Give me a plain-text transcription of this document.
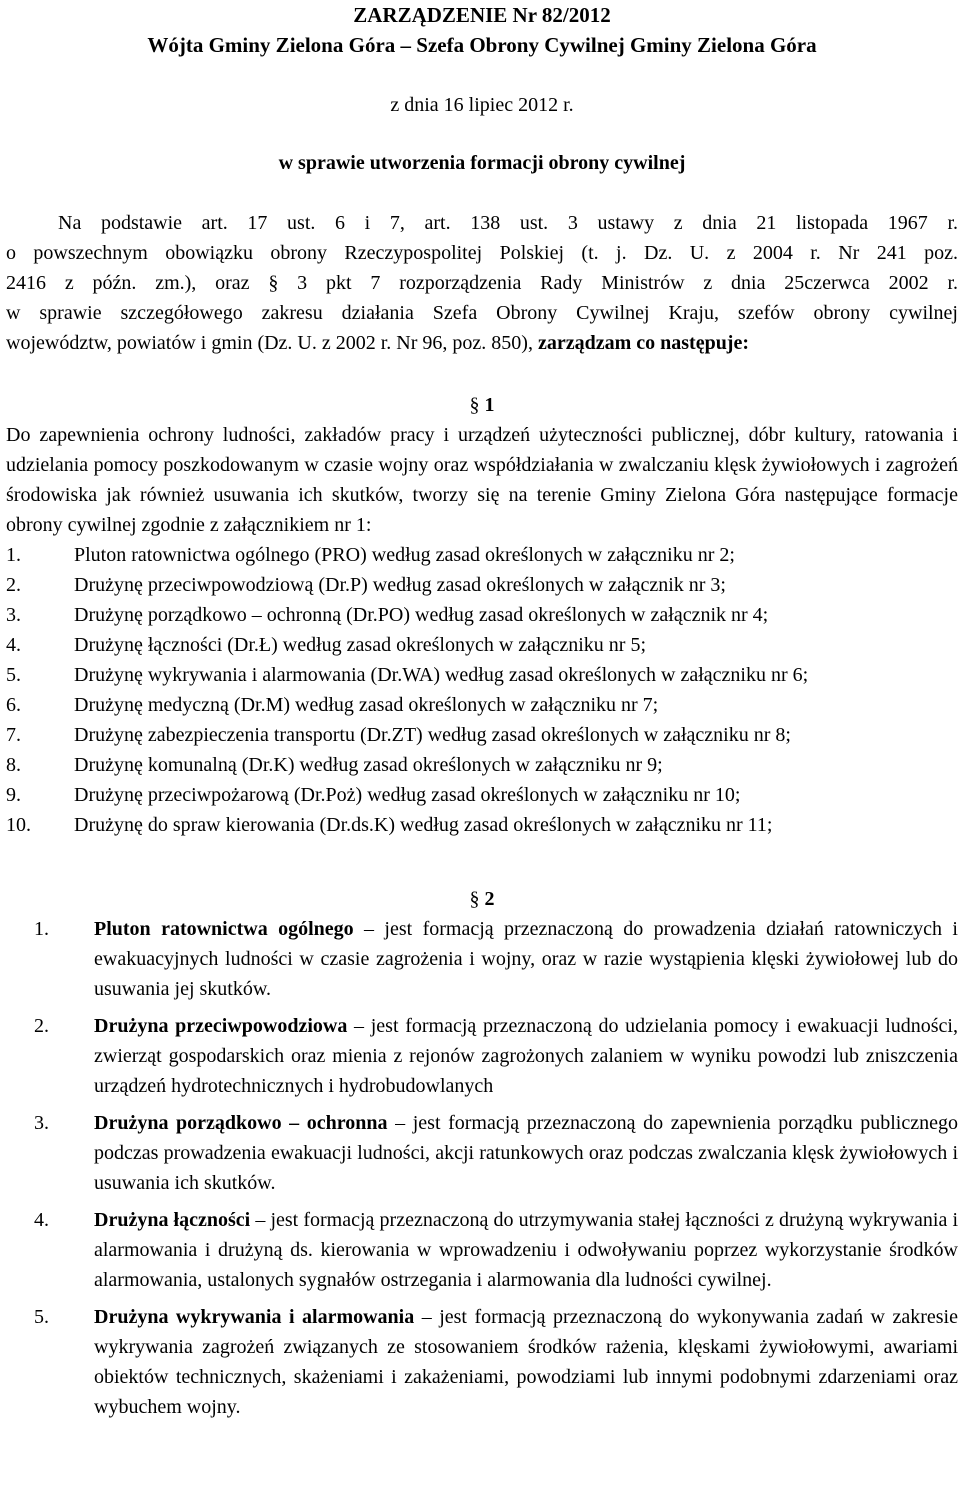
ZARZĄDZENIE Nr 82/2012
Wójta Gminy Zielona Góra – Szefa Obrony Cywilnej Gminy Zielona Góra
z dnia 16 lipiec 2012 r.
w sprawie utworzenia formacji obrony cywilnej
Na podstawie art. 17 ust. 6 i 7, art. 138 ust. 3 ustawy z dnia 21 listopada 1967 r.
o powszechnym obowiązku obrony Rzeczypospolitej Polskiej (t. j. Dz. U. z 2004 r. Nr 241 poz.
2416 z późn. zm.), oraz § 3 pkt 7 rozporządzenia Rady Ministrów z dnia 25czerwca 2002 r.
w sprawie szczegółowego zakresu działania Szefa Obrony Cywilnej Kraju, szefów obrony cywilnej
województw, powiatów i gmin (Dz. U. z 2002 r. Nr 96, poz. 850), zarządzam co następuje:
§ 1
Do zapewnienia ochrony ludności, zakładów pracy i urządzeń użyteczności publicznej, dóbr kultury, ratowania i udzielania pomocy poszkodowanym w czasie wojny oraz współdziałania w zwalczaniu klęsk żywiołowych i zagrożeń środowiska jak również usuwania ich skutków, tworzy się na terenie Gminy Zielona Góra następujące formacje obrony cywilnej zgodnie z załącznikiem nr 1:
1.	Pluton ratownictwa ogólnego (PRO) według zasad określonych w załączniku nr 2;
2.	Drużynę przeciwpowodziową (Dr.P) według zasad określonych w załącznik nr 3;
3.	Drużynę porządkowo – ochronną (Dr.PO) według zasad określonych w załącznik nr 4;
4.	Drużynę łączności (Dr.Ł) według zasad określonych w załączniku nr 5;
5.	Drużynę wykrywania i alarmowania (Dr.WA) według zasad określonych w załączniku nr 6;
6.	Drużynę medyczną (Dr.M) według zasad określonych w załączniku nr 7;
7.	Drużynę zabezpieczenia transportu (Dr.ZT) według zasad określonych w załączniku nr 8;
8.	Drużynę komunalną (Dr.K) według zasad określonych w załączniku nr 9;
9.	Drużynę przeciwpożarową (Dr.Poż) według zasad określonych w załączniku nr 10;
10.	Drużynę do spraw kierowania (Dr.ds.K) według zasad określonych w załączniku nr 11;
§ 2
1.	Pluton ratownictwa ogólnego – jest formacją przeznaczoną do prowadzenia działań ratowniczych i ewakuacyjnych ludności w czasie zagrożenia i wojny, oraz w razie wystąpienia klęski żywiołowej lub do usuwania jej skutków.
2.	Drużyna przeciwpowodziowa – jest formacją przeznaczoną do udzielania pomocy i ewakuacji ludności, zwierząt gospodarskich oraz mienia z rejonów zagrożonych zalaniem w wyniku powodzi lub zniszczenia urządzeń hydrotechnicznych i hydrobudowlanych
3.	Drużyna porządkowo – ochronna – jest formacją przeznaczoną do zapewnienia porządku publicznego podczas prowadzenia ewakuacji ludności, akcji ratunkowych oraz podczas zwalczania klęsk żywiołowych i usuwania ich skutków.
4.	Drużyna łączności – jest formacją przeznaczoną do utrzymywania stałej łączności z drużyną wykrywania i alarmowania i drużyną ds. kierowania w wprowadzeniu i odwoływaniu poprzez wykorzystanie środków alarmowania, ustalonych sygnałów ostrzegania i alarmowania dla ludności cywilnej.
5.	Drużyna wykrywania i alarmowania – jest formacją przeznaczoną do wykonywania zadań w zakresie wykrywania zagrożeń związanych ze stosowaniem środków rażenia, klęskami żywiołowymi, awariami obiektów technicznych, skażeniami i zakażeniami, powodziami lub innymi podobnymi zdarzeniami oraz wybuchem wojny.
